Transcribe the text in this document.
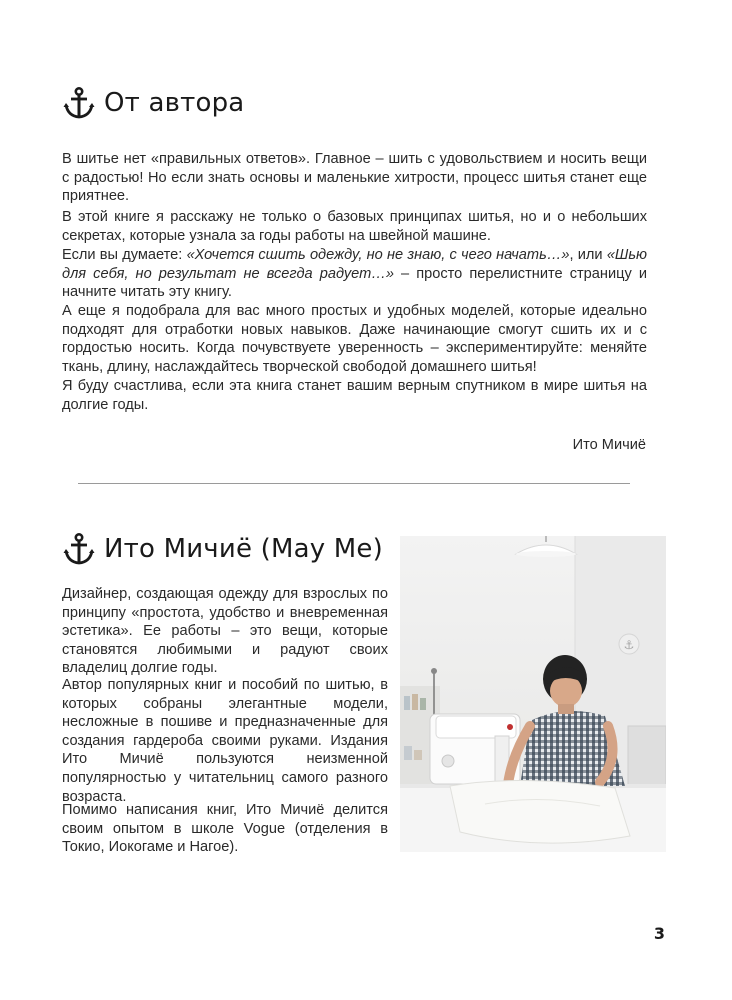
От автора

В шитье нет «правильных ответов». Главное – шить с удовольствием и носить вещи с радостью! Но если знать основы и маленькие хитрости, процесс шитья станет еще приятнее.

В этой книге я расскажу не только о базовых принципах шитья, но и о небольших секретах, которые узнала за годы работы на швейной машине.

Если вы думаете: «Хочется сшить одежду, но не знаю, с чего начать…», или «Шью для себя, но результат не всегда радует…» – просто перелистните страницу и начните читать эту книгу.

А еще я подобрала для вас много простых и удобных моделей, которые идеально подходят для отработки новых навыков. Даже начинающие смогут сшить их и с гордостью носить. Когда почувствуете уверенность – экспериментируйте: меняйте ткань, длину, наслаждайтесь творческой свободой домашнего шитья!

Я буду счастлива, если эта книга станет вашим верным спутником в мире шитья на долгие годы.

Ито Мичиё
Ито Мичиё (May Me)

Дизайнер, создающая одежду для взрослых по принципу «простота, удобство и вневременная эстетика». Ее работы – это вещи, которые становятся любимыми и радуют своих владелиц долгие годы.

Автор популярных книг и пособий по шитью, в которых собраны элегантные модели, несложные в пошиве и предназначенные для создания гардероба своими руками. Издания Ито Мичиё пользуются неизменной популярностью у читательниц самого разного возраста.

Помимо написания книг, Ито Мичиё делится своим опытом в школе Vogue (отделения в Токио, Иокогаме и Нагое).

⚓
3
